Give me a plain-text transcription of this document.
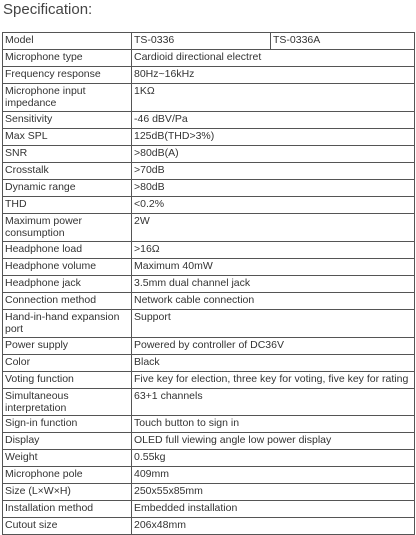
Specification:
Model	TS-0336	TS-0336A
Microphone type	Cardioid directional electret	
Frequency response	80Hz~16kHz	
Microphone input impedance	1KΩ	
Sensitivity	-46 dBV/Pa	
Max SPL	125dB(THD>3%)	
SNR	>80dB(A)	
Crosstalk	>70dB	
Dynamic range	>80dB	
THD	<0.2%	
Maximum power consumption	2W	
Headphone load	>16Ω	
Headphone volume	Maximum 40mW	
Headphone jack	3.5mm dual channel jack	
Connection method	Network cable connection	
Hand-in-hand expansion port	Support	
Power supply	Powered by controller of DC36V	
Color	Black	
Voting function	Five key for election, three key for voting, five key for rating	
Simultaneous interpretation	63+1 channels	
Sign-in function	Touch button to sign in	
Display	OLED full viewing angle low power display	
Weight	0.55kg	
Microphone pole	409mm	
Size (L×W×H)	250x55x85mm	
Installation method	Embedded installation	
Cutout size	206x48mm	
